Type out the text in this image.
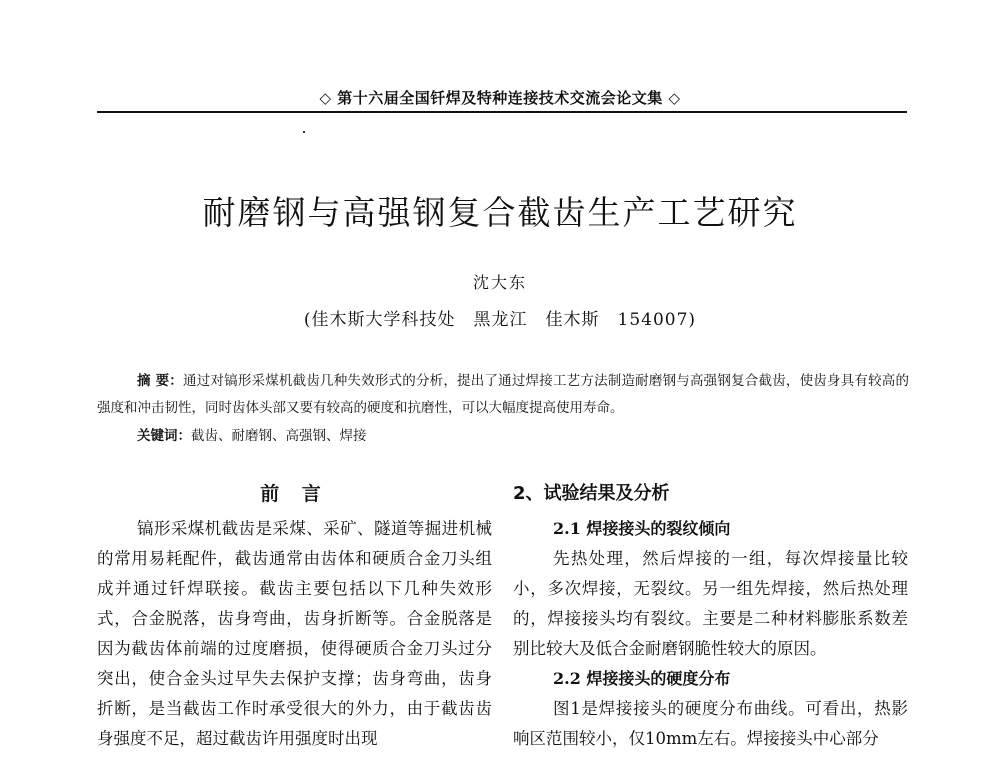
◇ 第十六届全国钎焊及特种连接技术交流会论文集 ◇
耐磨钢与高强钢复合截齿生产工艺研究
沈大东
(佳木斯大学科技处　黑龙江　佳木斯　154007)
摘 要：通过对镐形采煤机截齿几种失效形式的分析，提出了通过焊接工艺方法制造耐磨钢与高强钢复合截齿，使齿身具有较高的强度和冲击韧性，同时齿体头部又要有较高的硬度和抗磨性，可以大幅度提高使用寿命。
关键词：截齿、耐磨钢、高强钢、焊接
前 言

镐形采煤机截齿是采煤、采矿、隧道等掘进机械的常用易耗配件，截齿通常由齿体和硬质合金刀头组成并通过钎焊联接。截齿主要包括以下几种失效形式，合金脱落，齿身弯曲，齿身折断等。合金脱落是因为截齿体前端的过度磨损，使得硬质合金刀头过分突出，使合金头过早失去保护支撑；齿身弯曲，齿身折断，是当截齿工作时承受很大的外力，由于截齿齿身强度不足，超过截齿许用强度时出现

2、试验结果及分析
2.1 焊接接头的裂纹倾向

先热处理，然后焊接的一组，每次焊接量比较小，多次焊接，无裂纹。另一组先焊接，然后热处理的，焊接接头均有裂纹。主要是二种材料膨胀系数差别比较大及低合金耐磨钢脆性较大的原因。

2.2 焊接接头的硬度分布

图1是焊接接头的硬度分布曲线。可看出，热影响区范围较小，仅10mm左右。焊接接头中心部分
